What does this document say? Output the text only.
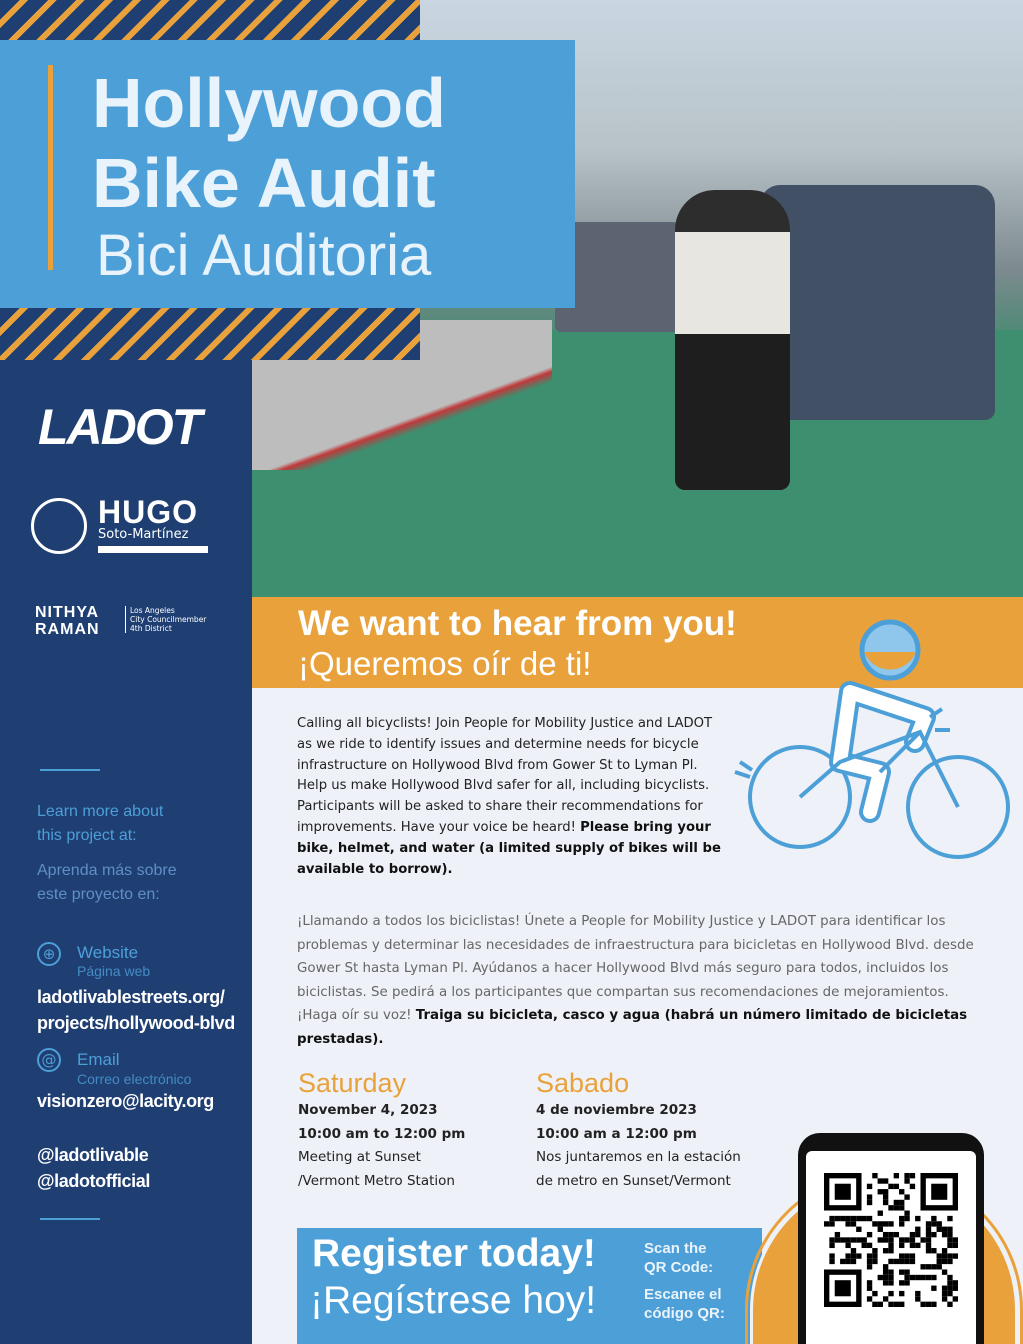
Hollywood
Bike Audit
Bici Auditoria
LADOT
HUGO
Soto-Martínez
NITHYA
RAMAN
Los Angeles
City Councilmember
4th District
Learn more about
this project at:
Aprenda más sobre
este proyecto en:
⊕	Website
Página web
ladotlivablestreets.org/
projects/hollywood-blvd
@ Email
Correo electrónico
visionzero@lacity.org
@ladotlivable
@ladotofficial
We want to hear from you!
¡Queremos oír de ti!
Calling all bicyclists! Join People for Mobility Justice and LADOT as we ride to identify issues and determine needs for bicycle infrastructure on Hollywood Blvd from Gower St to Lyman Pl. Help us make Hollywood Blvd safer for all, including bicyclists. Participants will be asked to share their recommendations for improvements. Have your voice be heard! Please bring your bike, helmet, and water (a limited supply of bikes will be available to borrow).
¡Llamando a todos los biciclistas! Únete a People for Mobility Justice y LADOT para identificar los problemas y determinar las necesidades de infraestructura para bicicletas en Hollywood Blvd. desde Gower St hasta Lyman Pl. Ayúdanos a hacer Hollywood Blvd más seguro para todos, incluidos los biciclistas. Se pedirá a los participantes que compartan sus recomendaciones de mejoramientos. ¡Haga oír su voz! Traiga su bicicleta, casco y agua (habrá un número limitado de bicicletas prestadas).
Saturday
November 4, 2023
10:00 am to 12:00 pm
Meeting at Sunset
/Vermont Metro Station
Sabado
4 de noviembre 2023
10:00 am a 12:00 pm
Nos juntaremos en la estación
de metro en Sunset/Vermont
Register today!
¡Regístrese hoy!
Scan the
QR Code:
Escanee el
código QR:
